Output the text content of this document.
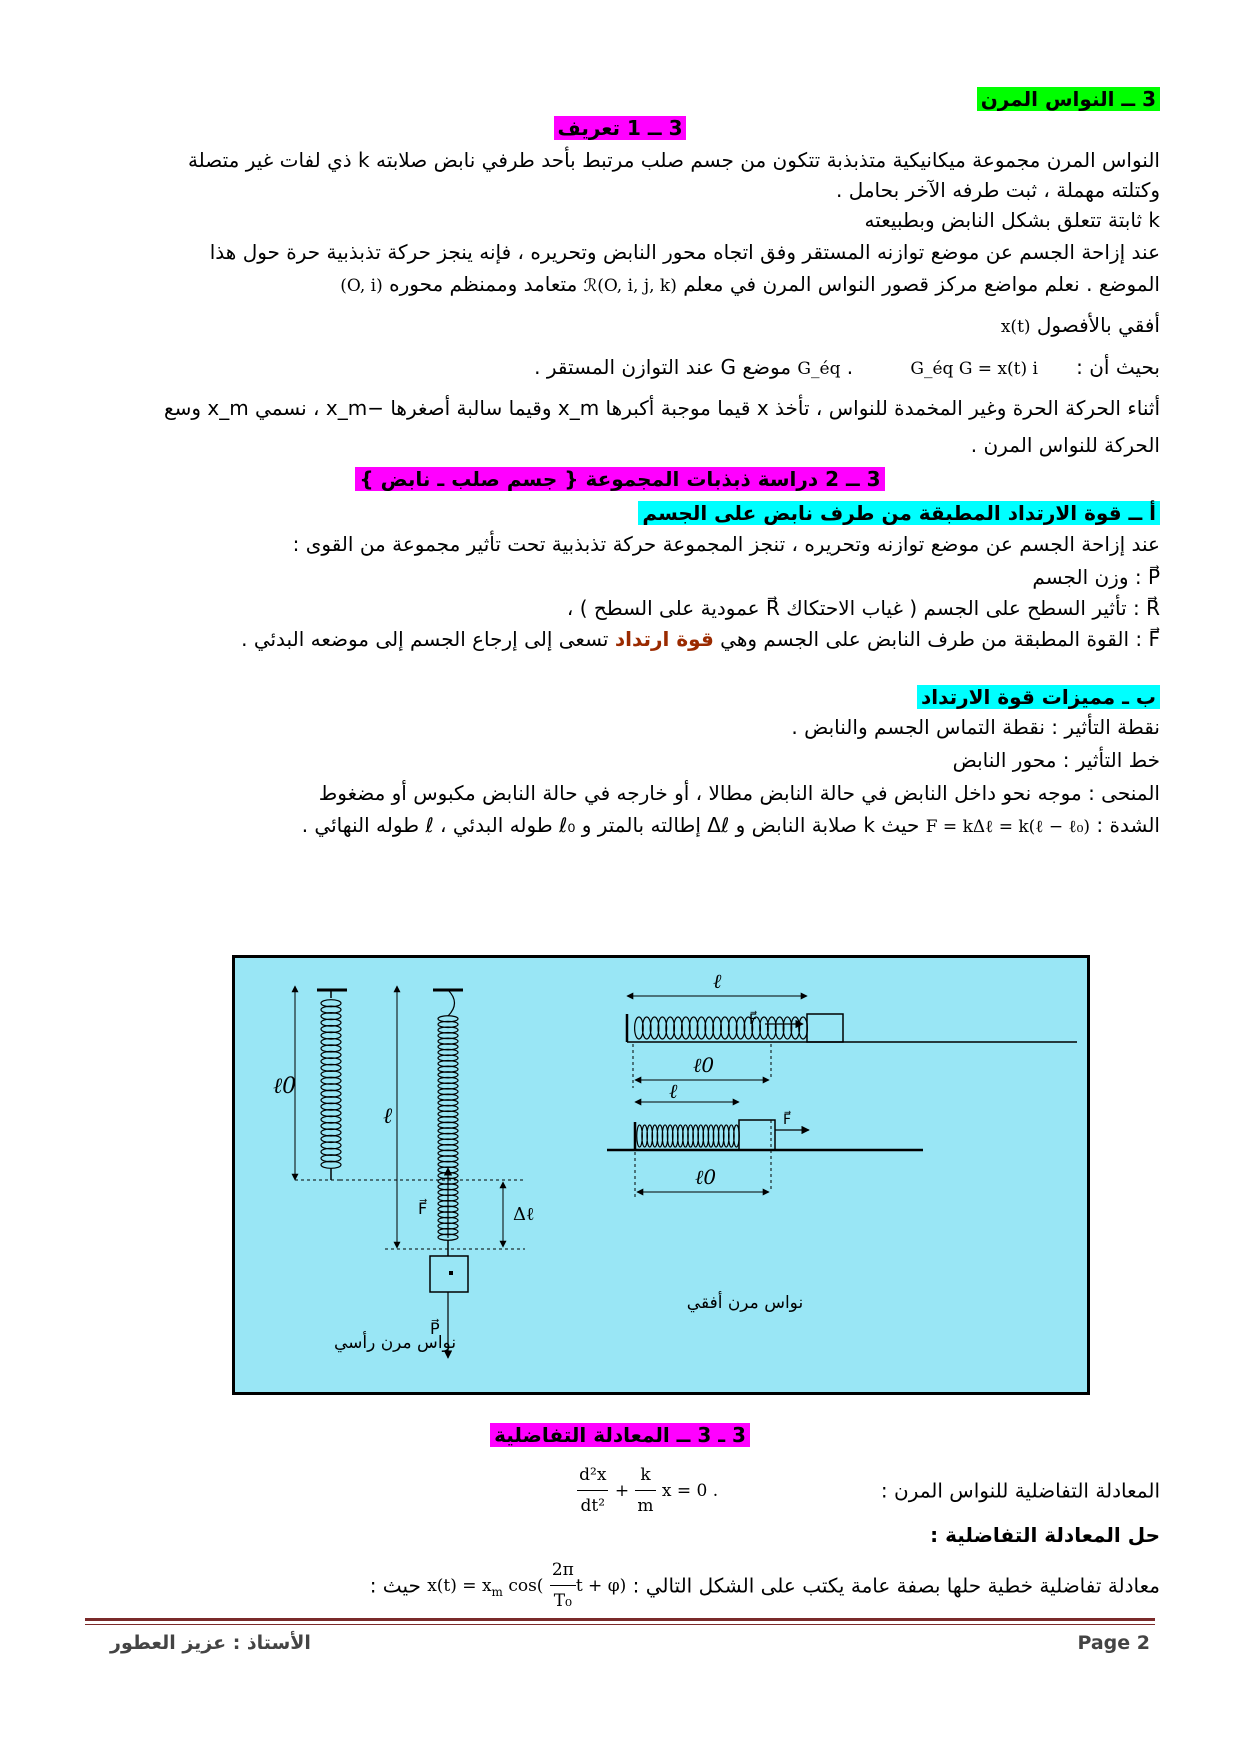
3 ــ النواس المرن
3 ــ 1 تعريف
النواس المرن مجموعة ميكانيكية متذبذبة تتكون من جسم صلب مرتبط بأحد طرفي نابض صلابته k ذي لفات غير متصلة
وكتلته مهملة ، ثبت طرفه الآخر بحامل .
k ثابتة تتعلق بشكل النابض وبطبيعته
عند إزاحة الجسم عن موضع توازنه المستقر وفق اتجاه محور النابض وتحريره ، فإنه ينجز حركة تذبذبية حرة حول هذا
الموضع . نعلم مواضع مركز قصور النواس المرن في معلم ℛ(O, i, j, k) متعامد وممنظم محوره (O, i)
أفقي بالأفصول x(t)
بحيث أن :      G_éq G = x(t) i         . G_éq موضع G عند التوازن المستقر .
أثناء الحركة الحرة وغير المخمدة للنواس ، تأخذ x قيما موجبة أكبرها x_m وقيما سالبة أصغرها −x_m ، نسمي x_m وسع
الحركة للنواس المرن .
3 ــ 2 دراسة ذبذبات المجموعة { جسم صلب ـ نابض }
أ ــ قوة الارتداد المطبقة من طرف نابض على الجسم
عند إزاحة الجسم عن موضع توازنه وتحريره ، تنجز المجموعة حركة تذبذبية تحت تأثير مجموعة من القوى :
P⃗ : وزن الجسم
R⃗ : تأثير السطح على الجسم ( غياب الاحتكاك R⃗ عمودية على السطح ) ،
F⃗ : القوة المطبقة من طرف النابض على الجسم وهي قوة ارتداد تسعى إلى إرجاع الجسم إلى موضعه البدئي .
ب ـ مميزات قوة الارتداد
نقطة التأثير : نقطة التماس الجسم والنابض .
خط التأثير : محور النابض
المنحى : موجه نحو داخل النابض في حالة النابض مطالا ، أو خارجه في حالة النابض مكبوس أو مضغوط
الشدة : F = kΔℓ = k(ℓ − ℓ₀) حيث k صلابة النابض و Δℓ إطالته بالمتر و ℓ₀ طوله البدئي ، ℓ طوله النهائي .
ℓ0
ℓ
Δℓ
F⃗
P⃗
نواس مرن رأسي
ℓ
F⃗
ℓ0
ℓ
F⃗
ℓ0
نواس مرن أفقي
3 ـ 3 ــ المعادلة التفاضلية
المعادلة التفاضلية للنواس المرن :
$\frac{\text{d²x}}{\text{dt²}} + \frac{k}{m}$ x = 0 .
حل المعادلة التفاضلية :
معادلة تفاضلية خطية حلها بصفة عامة يكتب على الشكل التالي : $x(t) = x_m$ $\cos( \frac{2\pi}{\text{T₀}}$ t + φ) حيث :
الأستاذ : عزيز العطور	Page 2
